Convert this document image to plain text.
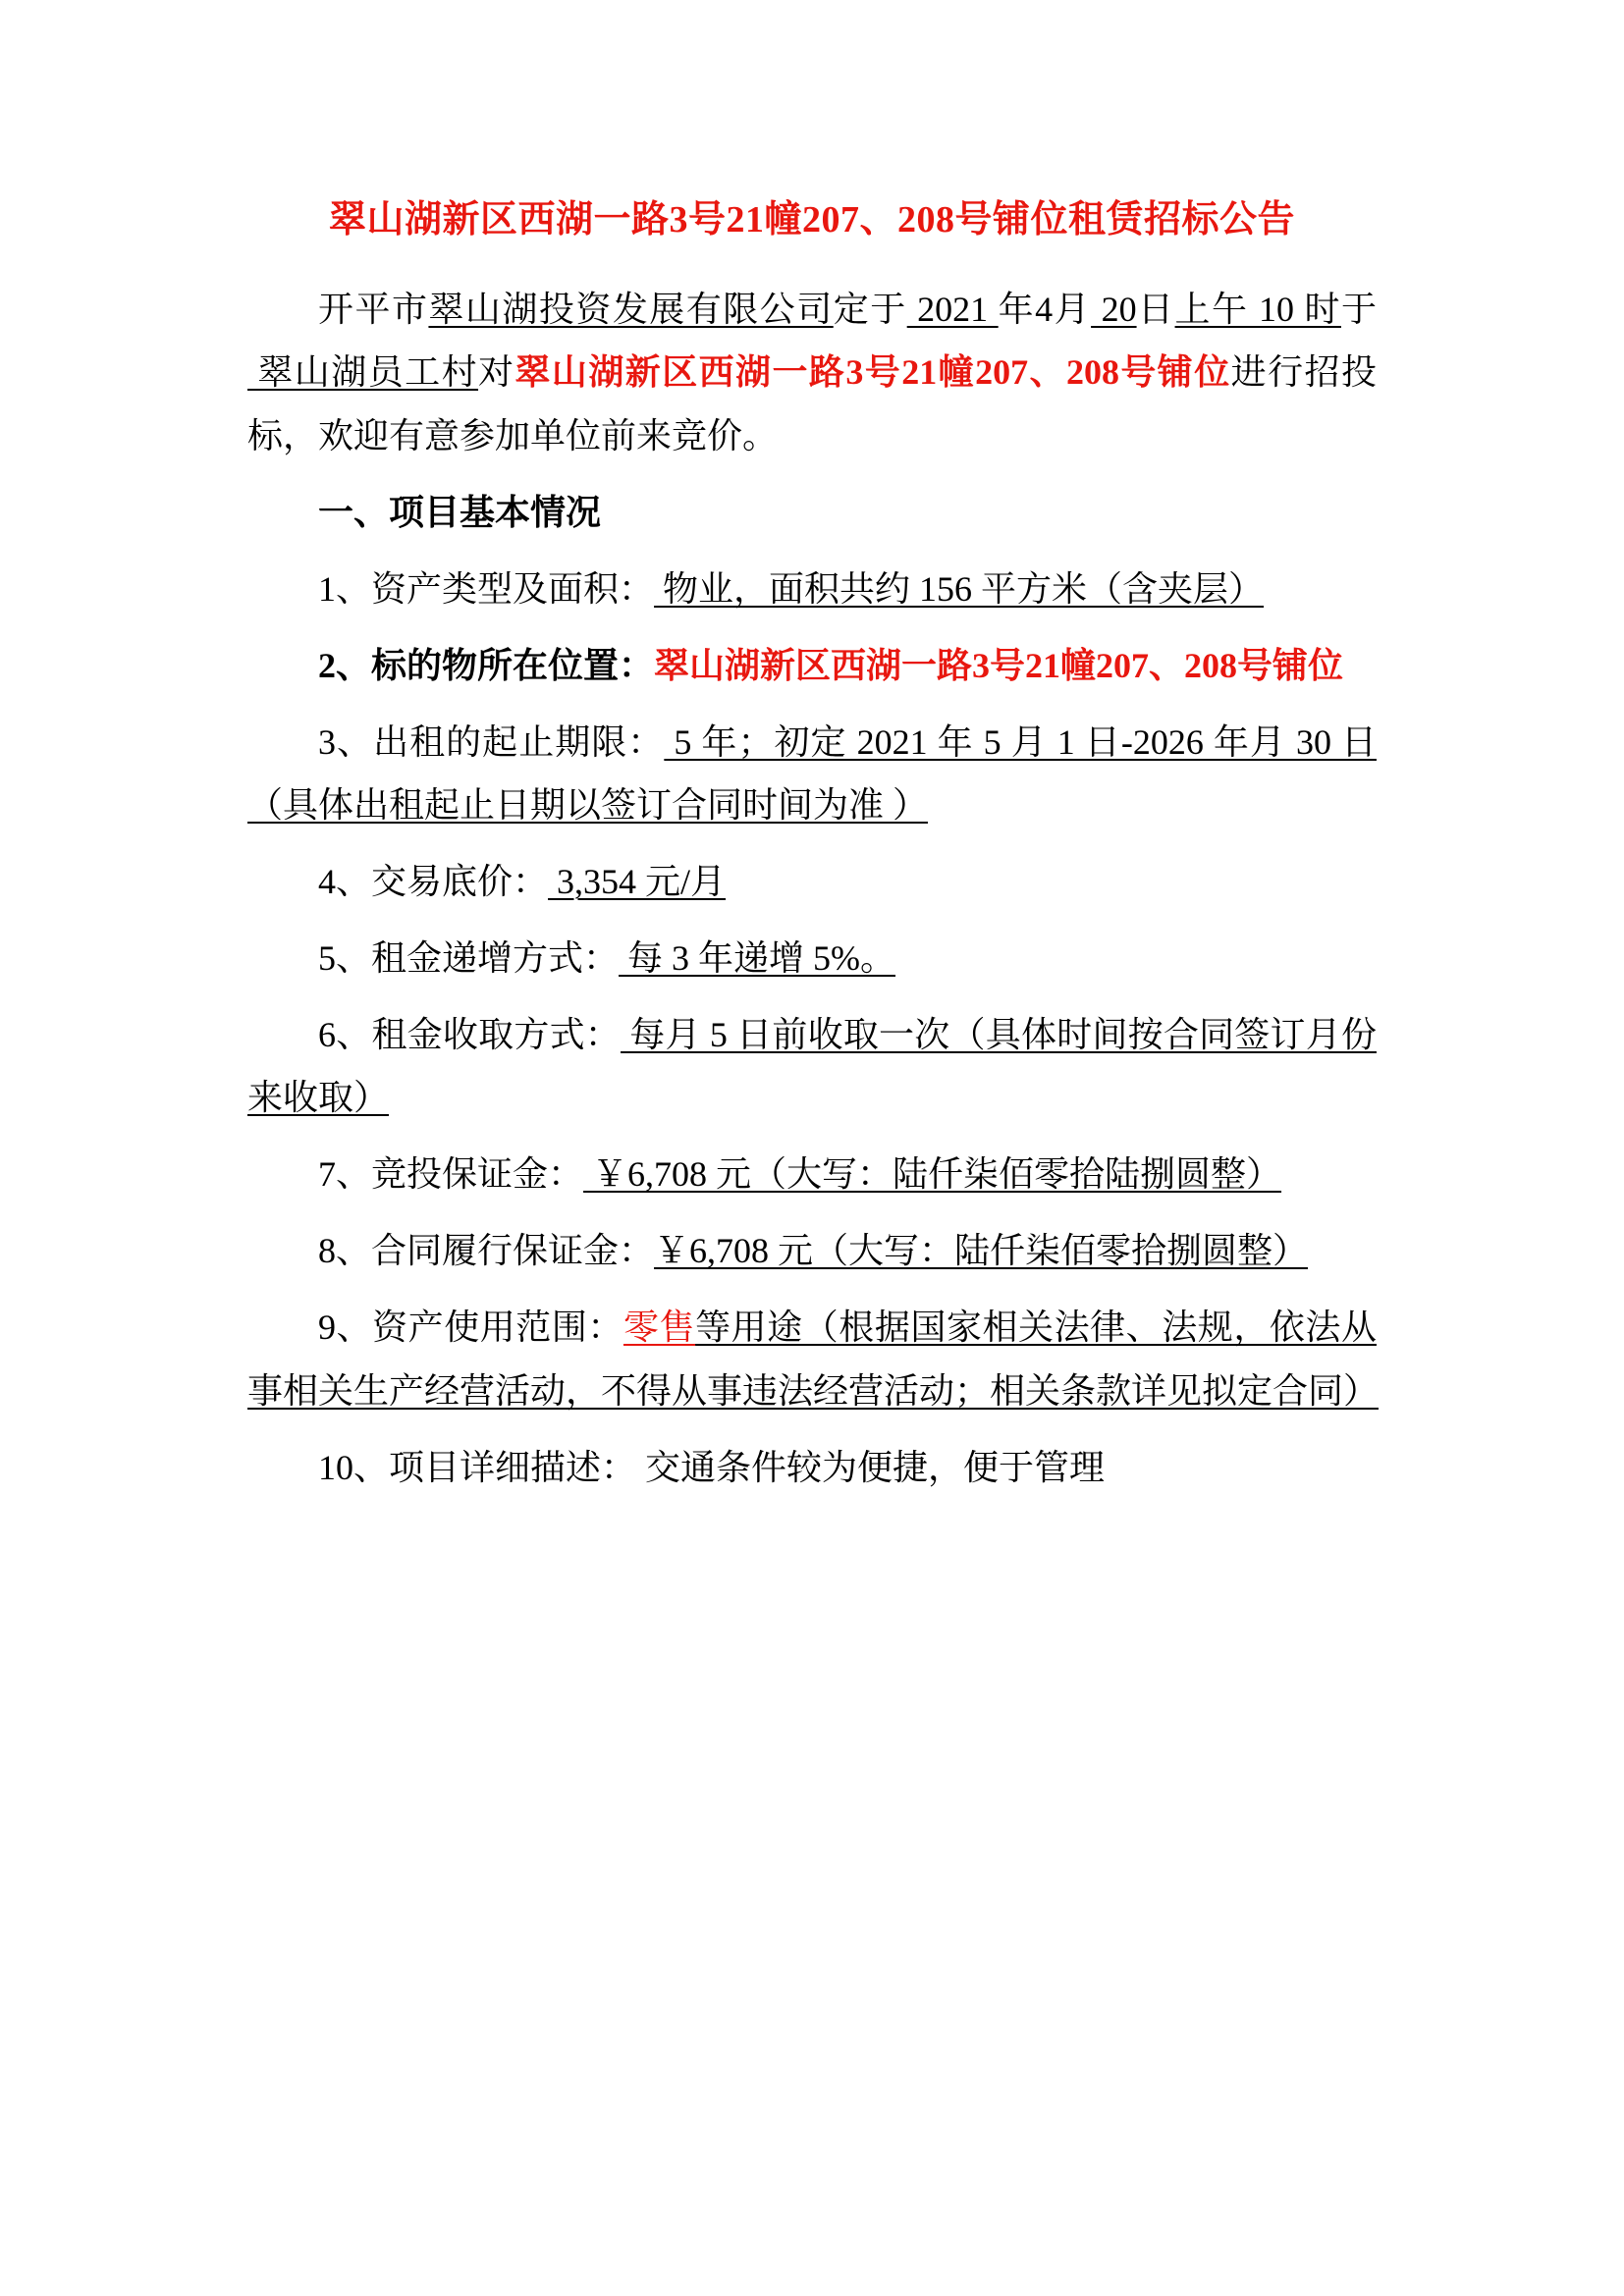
翠山湖新区西湖一路3号21幢207、208号铺位租赁招标公告

开平市翠山湖投资发展有限公司定于 2021 年4月 20日上午 10 时于 翠山湖员工村对翠山湖新区西湖一路3号21幢207、208号铺位进行招投标，欢迎有意参加单位前来竞价。

一、项目基本情况

1、资产类型及面积： 物业，面积共约 156 平方米（含夹层）

2、标的物所在位置：翠山湖新区西湖一路3号21幢207、208号铺位

3、出租的起止期限： 5 年；初定 2021 年 5 月 1 日-2026 年月 30 日（具体出租起止日期以签订合同时间为准 ）

4、交易底价： 3,354 元/月

5、租金递增方式： 每 3 年递增 5%。

6、租金收取方式： 每月 5 日前收取一次（具体时间按合同签订月份来收取）

7、竞投保证金： ￥6,708 元（大写：陆仟柒佰零拾陆捌圆整）

8、合同履行保证金：￥6,708 元（大写：陆仟柒佰零拾捌圆整）

9、资产使用范围：零售等用途（根据国家相关法律、法规，依法从事相关生产经营活动，不得从事违法经营活动；相关条款详见拟定合同）

10、项目详细描述： 交通条件较为便捷，便于管理
